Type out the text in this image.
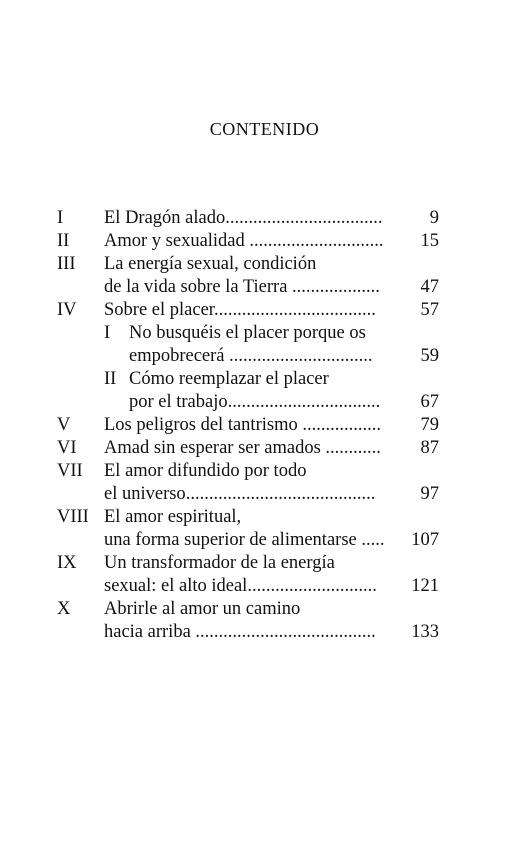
CONTENIDO
I El Dragón alado..................................	9
II Amor y sexualidad ............................. 15
III La energía sexual, condición
de la vida sobre la Tierra ................... 47
IV Sobre el placer................................... 57
I No busquéis el placer porque os
empobrecerá ...............................	59
II Cómo reemplazar el placer
por el trabajo................................. 67
V Los peligros del tantrismo ................. 79
VI Amad sin esperar ser amados ............ 87
VII El amor difundido por todo
el universo......................................... 97
VIII El amor espiritual,
una forma superior de alimentarse ..... 107
IX Un transformador de la energía
sexual: el alto ideal............................ 121
X Abrirle al amor un camino
hacia arriba ....................................... 133
